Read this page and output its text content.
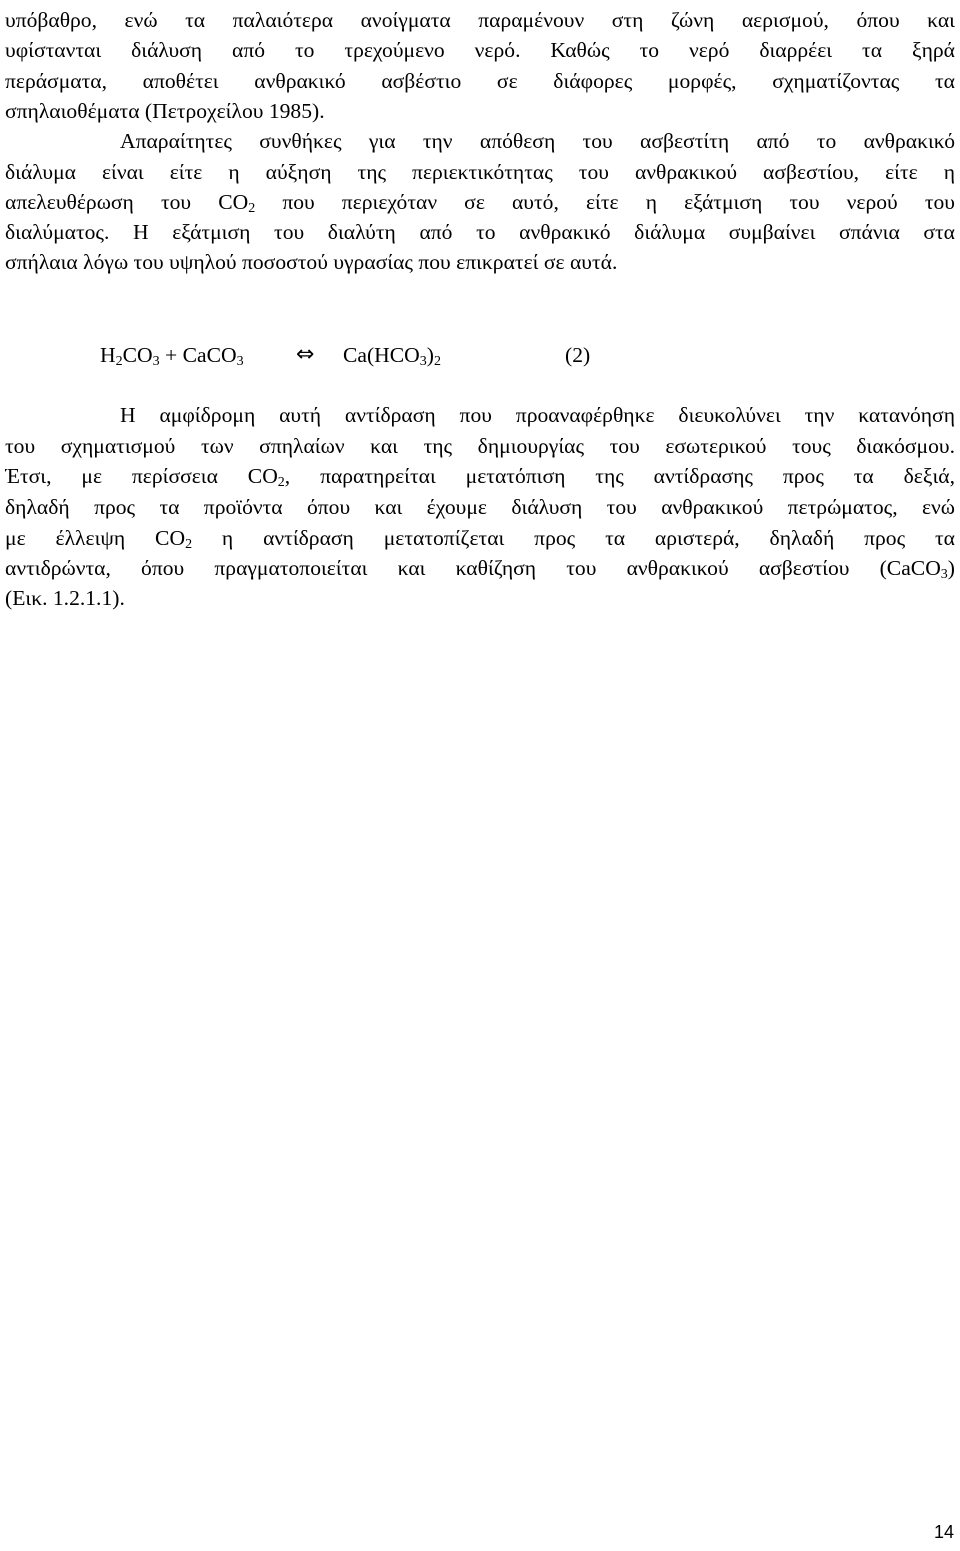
$H_2CO_3$ + CaCO$_3$ ⇔ $Ca(HCO_3)_2$	(2)
14
υπόβαθρο, ενώ τα παλαιότερα ανοίγματα παραμένουν στη ζώνη αερισμού, όπου και
υφίστανται διάλυση από το τρεχούμενο νερό. Καθώς το νερό διαρρέει τα ξηρά
περάσματα, αποθέτει ανθρακικό ασβέστιο σε διάφορες μορφές, σχηματίζοντας τα
σπηλαιοθέματα (Πετροχείλου 1985).
Απαραίτητες συνθήκες για την απόθεση του ασβεστίτη από το ανθρακικό
διάλυμα είναι είτε η αύξηση της περιεκτικότητας του ανθρακικού ασβεστίου, είτε η
απελευθέρωση του $CO_2$ που περιεχόταν σε αυτό, είτε η εξάτμιση του νερού του
διαλύματος. Η εξάτμιση του διαλύτη από το ανθρακικό διάλυμα συμβαίνει σπάνια στα
σπήλαια λόγω του υψηλού ποσοστού υγρασίας που επικρατεί σε αυτά.
Η αμφίδρομη αυτή αντίδραση που προαναφέρθηκε διευκολύνει την κατανόηση
του σχηματισμού των σπηλαίων και της δημιουργίας του εσωτερικού τους διακόσμου.
Έτσι, με περίσσεια $CO_2$, παρατηρείται μετατόπιση της αντίδρασης προς τα δεξιά,
δηλαδή προς τα προϊόντα όπου και έχουμε διάλυση του ανθρακικού πετρώματος, ενώ
με έλλειψη $CO_2$ η αντίδραση μετατοπίζεται προς τα αριστερά, δηλαδή προς τα
αντιδρώντα, όπου πραγματοποιείται και καθίζηση του ανθρακικού ασβεστίου (CaCO$_3$)
(Εικ. 1.2.1.1).
